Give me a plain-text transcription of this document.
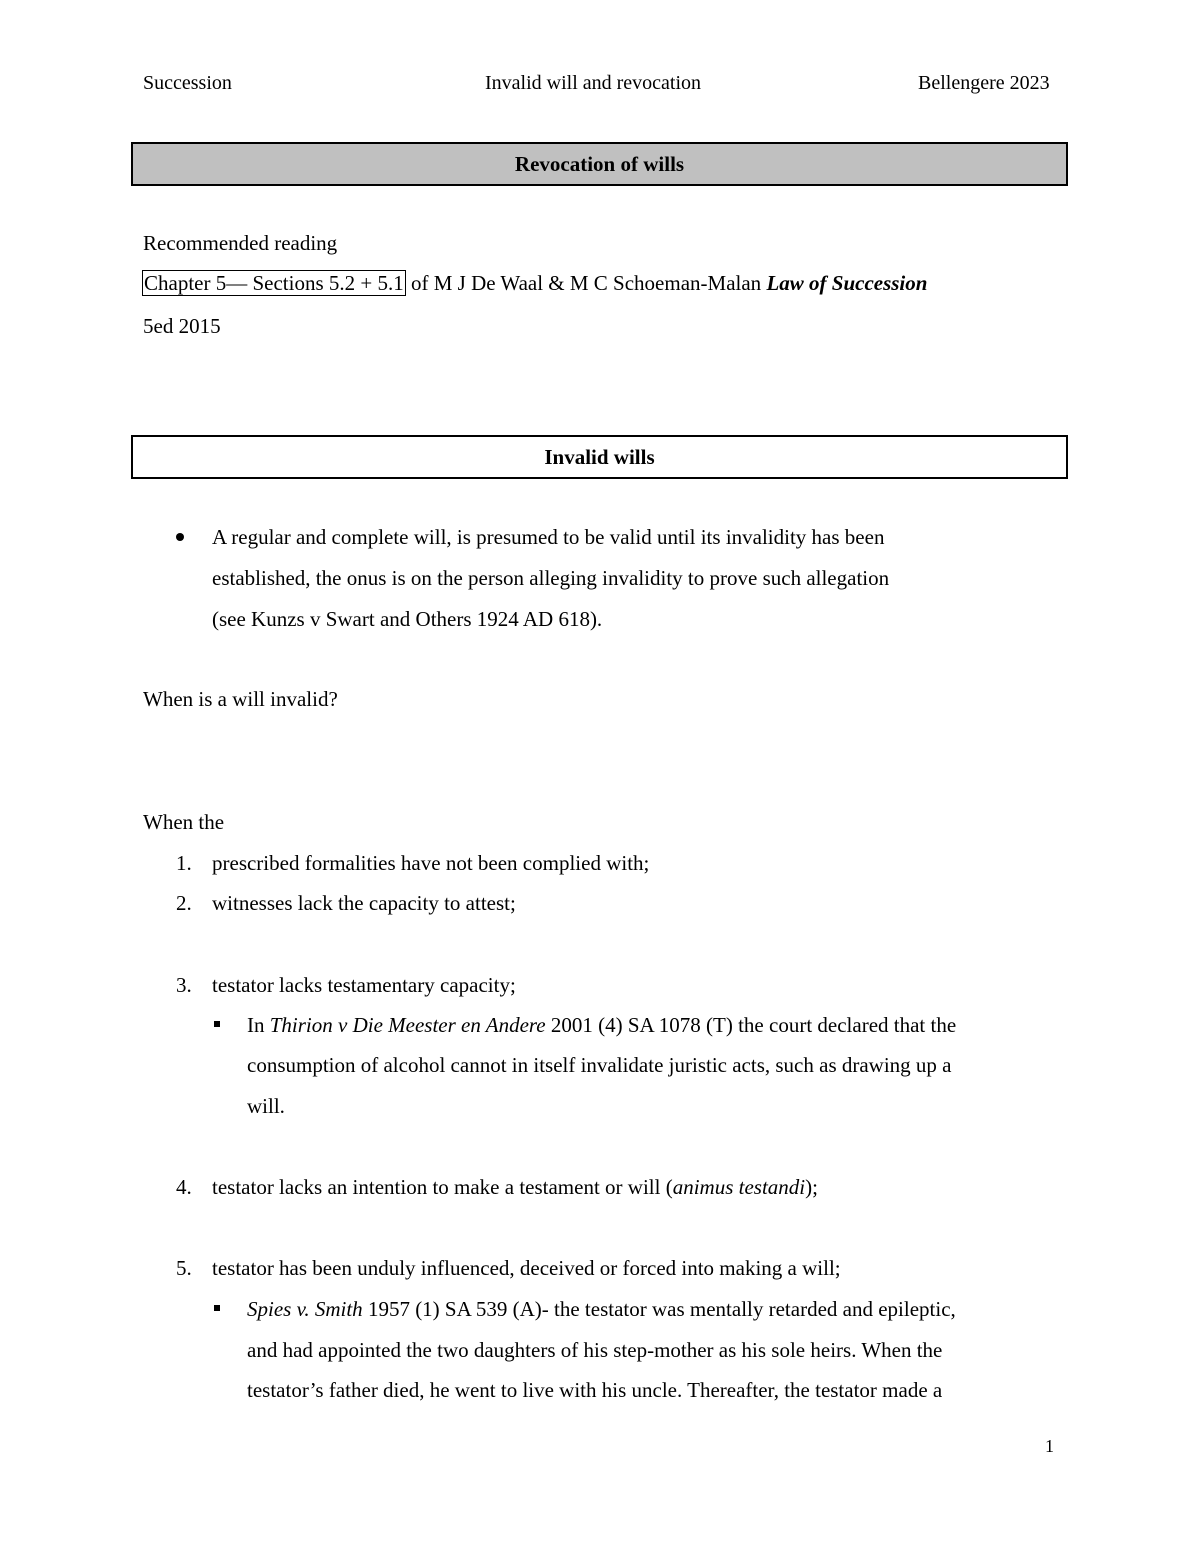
Succession	Invalid will and revocation	Bellengere 2023
Revocation of wills
Recommended reading
Chapter 5— Sections 5.2 + 5.1 of M J De Waal & M C Schoeman-Malan Law of Succession
5ed 2015
Invalid wills
A regular and complete will, is presumed to be valid until its invalidity has been
established, the onus is on the person alleging invalidity to prove such allegation
(see Kunzs v Swart and Others 1924 AD 618).
When is a will invalid?
When the
1. prescribed formalities have not been complied with;
2. witnesses lack the capacity to attest;
3. testator lacks testamentary capacity;
In Thirion v Die Meester en Andere 2001 (4) SA 1078 (T) the court declared that the
consumption of alcohol cannot in itself invalidate juristic acts, such as drawing up a
will.
4. testator lacks an intention to make a testament or will (animus testandi);
5. testator has been unduly influenced, deceived or forced into making a will;
Spies v. Smith 1957 (1) SA 539 (A)- the testator was mentally retarded and epileptic,
and had appointed the two daughters of his step-mother as his sole heirs. When the
testator’s father died, he went to live with his uncle. Thereafter, the testator made a
1
